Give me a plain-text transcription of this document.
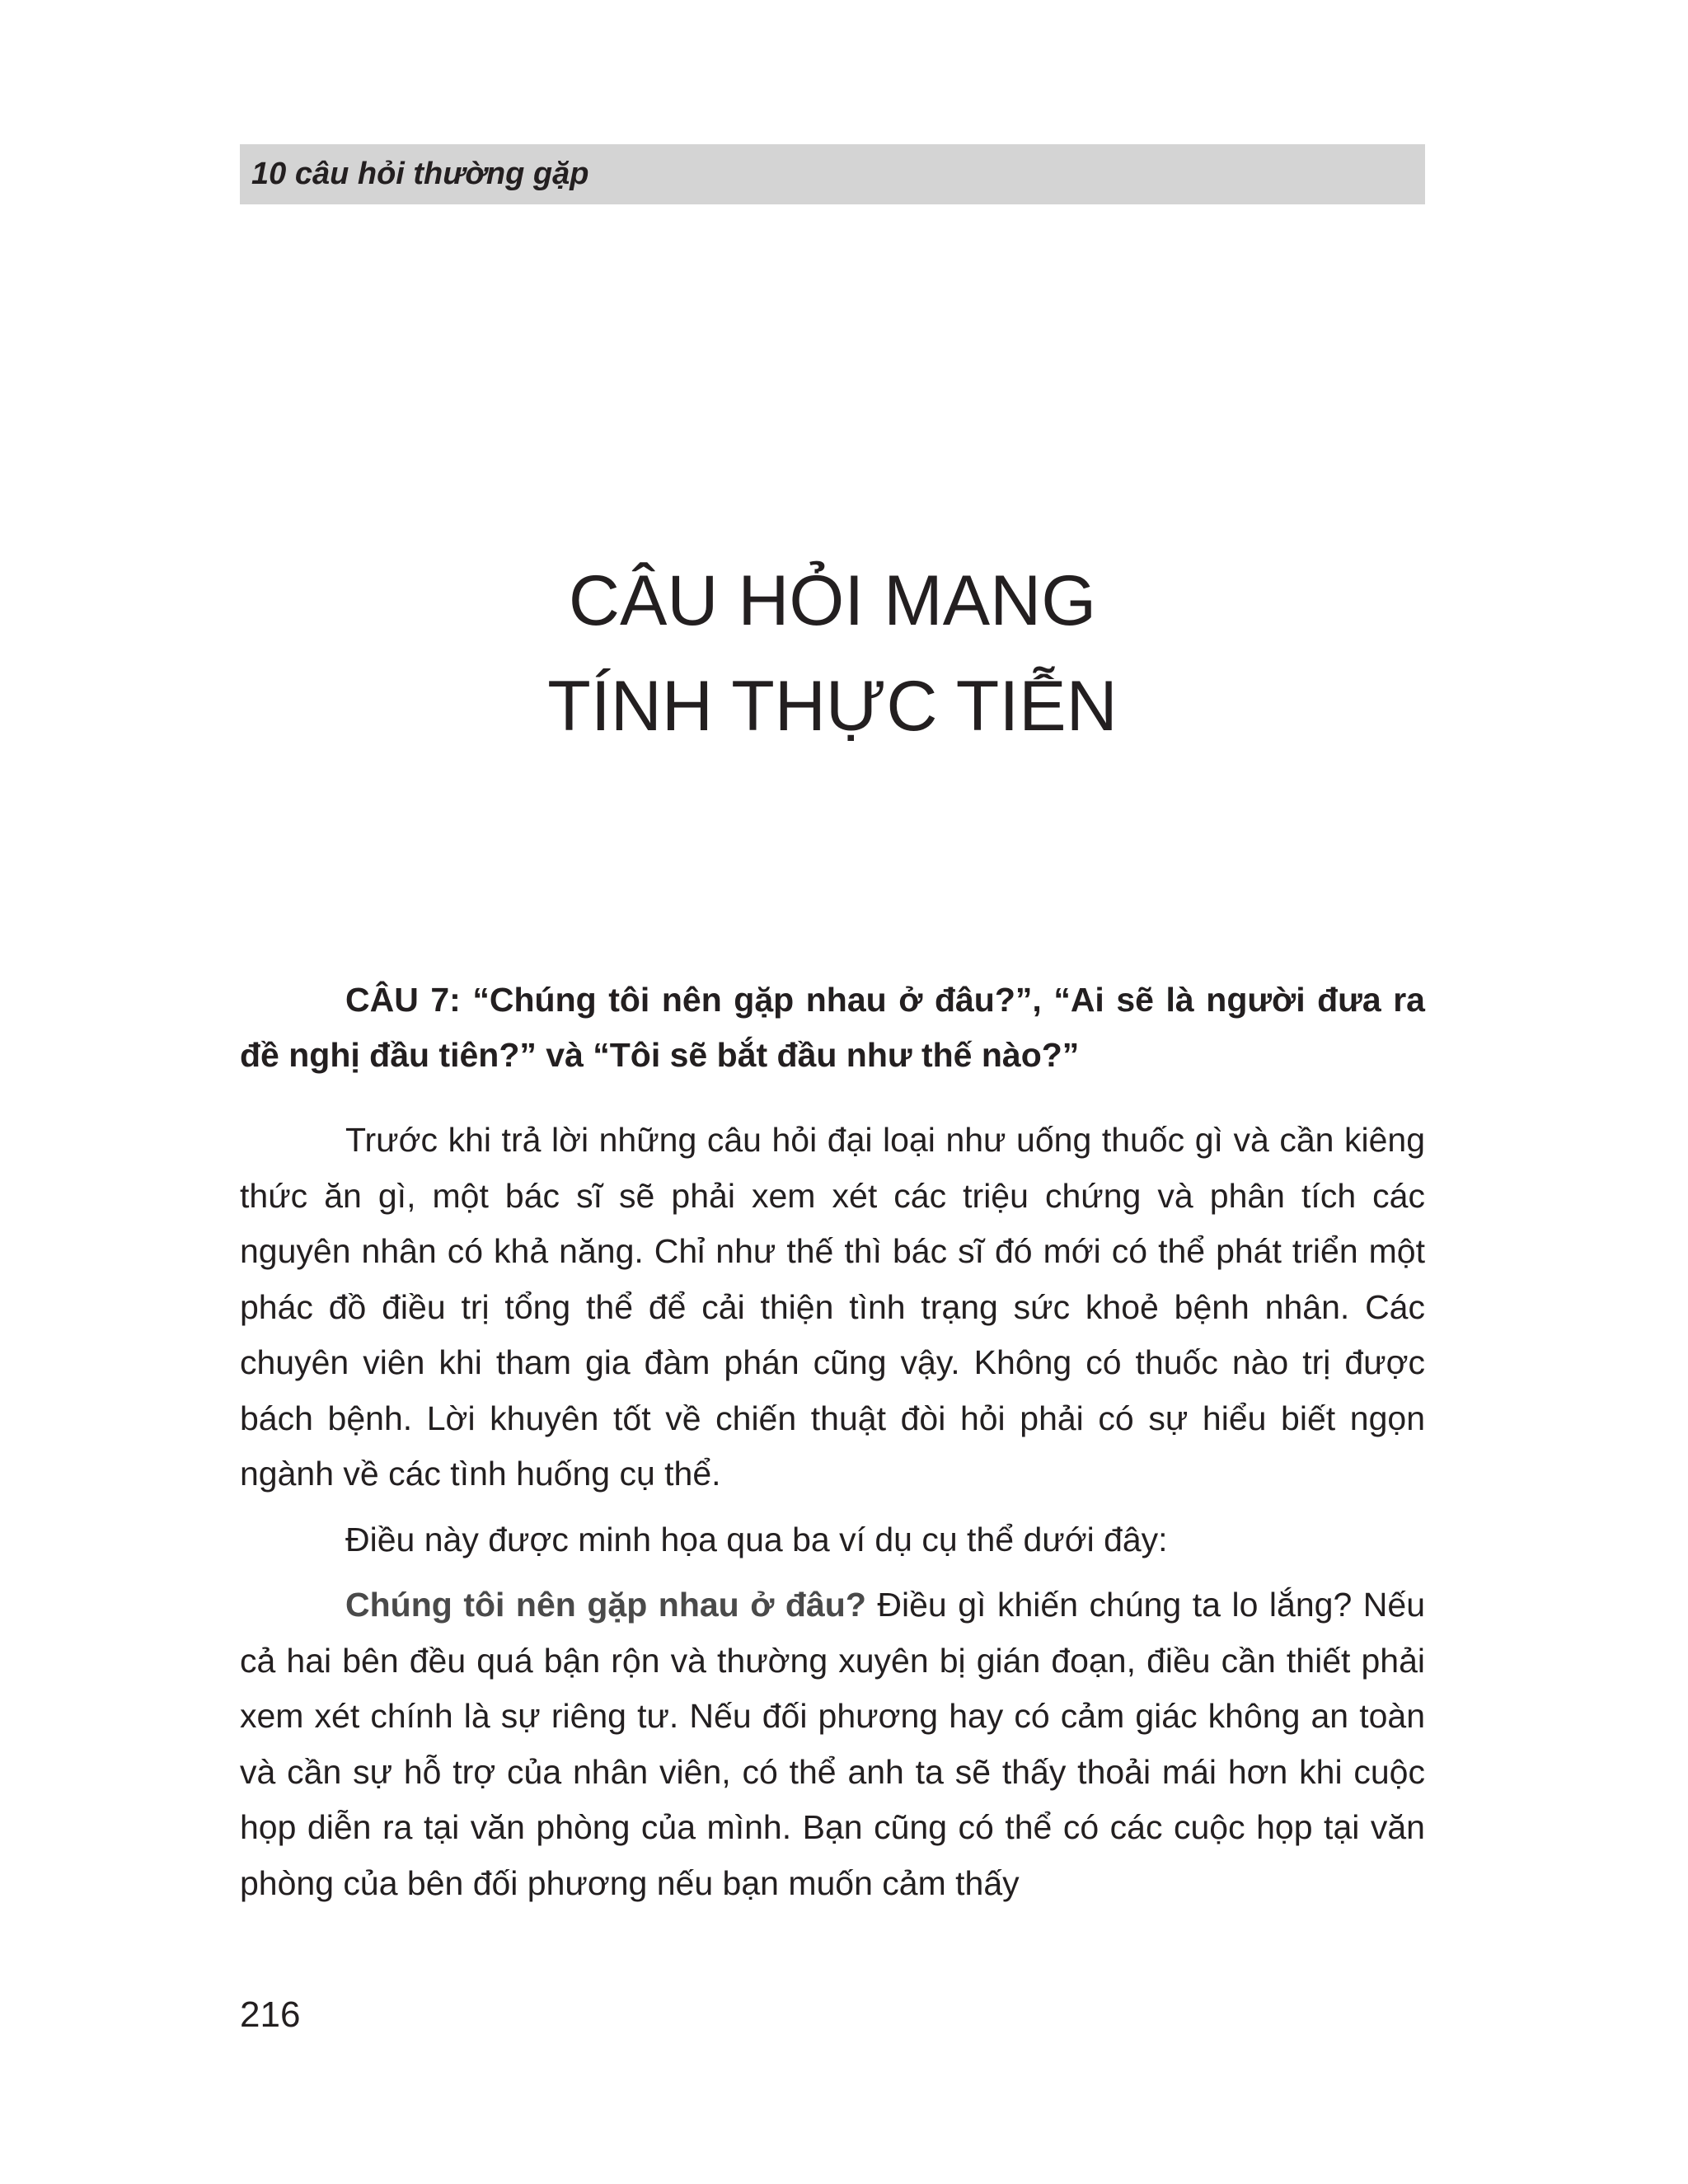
10 câu hỏi thường gặp
CÂU HỎI MANG
TÍNH THỰC TIỄN

CÂU 7: “Chúng tôi nên gặp nhau ở đâu?”, “Ai sẽ là người đưa ra đề nghị đầu tiên?” và “Tôi sẽ bắt đầu như thế nào?”

Trước khi trả lời những câu hỏi đại loại như uống thuốc gì và cần kiêng thức ăn gì, một bác sĩ sẽ phải xem xét các triệu chứng và phân tích các nguyên nhân có khả năng. Chỉ như thế thì bác sĩ đó mới có thể phát triển một phác đồ điều trị tổng thể để cải thiện tình trạng sức khoẻ bệnh nhân. Các chuyên viên khi tham gia đàm phán cũng vậy. Không có thuốc nào trị được bách bệnh. Lời khuyên tốt về chiến thuật đòi hỏi phải có sự hiểu biết ngọn ngành về các tình huống cụ thể.

Điều này được minh họa qua ba ví dụ cụ thể dưới đây:

Chúng tôi nên gặp nhau ở đâu? Điều gì khiến chúng ta lo lắng? Nếu cả hai bên đều quá bận rộn và thường xuyên bị gián đoạn, điều cần thiết phải xem xét chính là sự riêng tư. Nếu đối phương hay có cảm giác không an toàn và cần sự hỗ trợ của nhân viên, có thể anh ta sẽ thấy thoải mái hơn khi cuộc họp diễn ra tại văn phòng của mình. Bạn cũng có thể có các cuộc họp tại văn phòng của bên đối phương nếu bạn muốn cảm thấy

216
